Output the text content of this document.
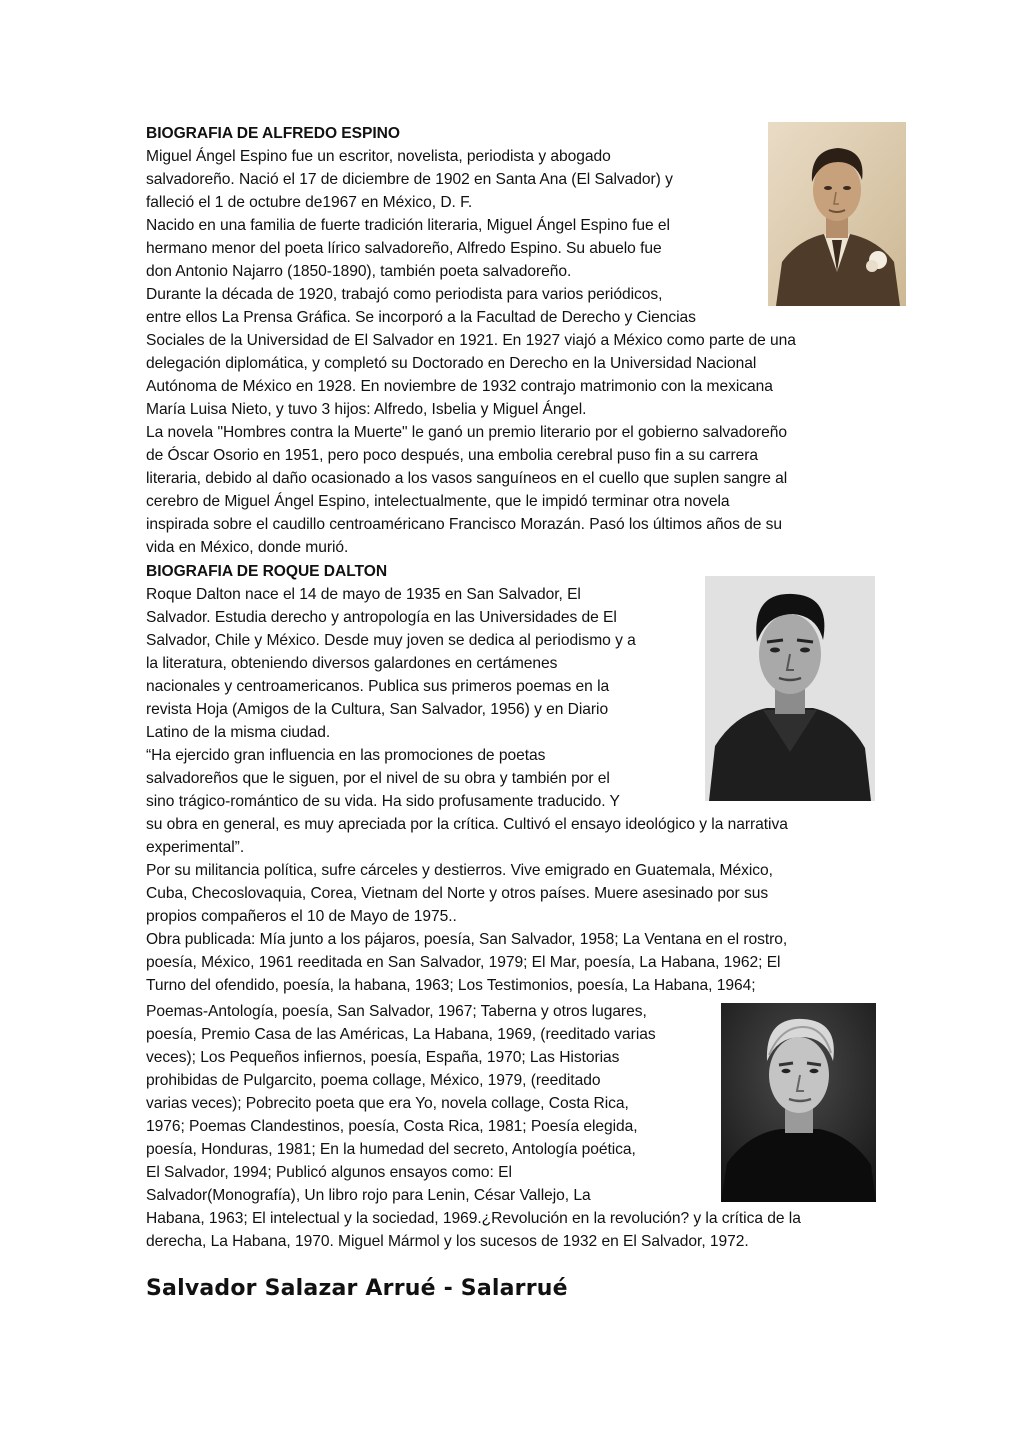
BIOGRAFIA DE ALFREDO ESPINO
Miguel Ángel Espino fue un escritor, novelista, periodista y abogado
salvadoreño. Nació el 17 de diciembre de 1902 en Santa Ana (El Salvador) y
falleció el 1 de octubre de1967 en México, D. F.
Nacido en una familia de fuerte tradición literaria, Miguel Ángel Espino fue el
hermano menor del poeta lírico salvadoreño, Alfredo Espino. Su abuelo fue
don Antonio Najarro (1850-1890), también poeta salvadoreño.
Durante la década de 1920, trabajó como periodista para varios periódicos,
entre ellos La Prensa Gráfica. Se incorporó a la Facultad de Derecho y Ciencias
Sociales de la Universidad de El Salvador en 1921. En 1927 viajó a México como parte de una
delegación diplomática, y completó su Doctorado en Derecho en la Universidad Nacional
Autónoma de México en 1928. En noviembre de 1932 contrajo matrimonio con la mexicana
María Luisa Nieto, y tuvo 3 hijos: Alfredo, Isbelia y Miguel Ángel.
La novela "Hombres contra la Muerte" le ganó un premio literario por el gobierno salvadoreño
de Óscar Osorio en 1951, pero poco después, una embolia cerebral puso fin a su carrera
literaria, debido al daño ocasionado a los vasos sanguíneos en el cuello que suplen sangre al
cerebro de Miguel Ángel Espino, intelectualmente, que le impidó terminar otra novela
inspirada sobre el caudillo centroaméricano Francisco Morazán. Pasó los últimos años de su
vida en México, donde murió.
BIOGRAFIA DE ROQUE DALTON
Roque Dalton nace el 14 de mayo de 1935 en San Salvador, El
Salvador. Estudia derecho y antropología en las Universidades de El
Salvador, Chile y México. Desde muy joven se dedica al periodismo y a
la literatura, obteniendo diversos galardones en certámenes
nacionales y centroamericanos. Publica sus primeros poemas en la
revista Hoja (Amigos de la Cultura, San Salvador, 1956) y en Diario
Latino de la misma ciudad.
“Ha ejercido gran influencia en las promociones de poetas
salvadoreños que le siguen, por el nivel de su obra y también por el
sino trágico-romántico de su vida. Ha sido profusamente traducido. Y
su obra en general, es muy apreciada por la crítica. Cultivó el ensayo ideológico y la narrativa
experimental”.
Por su militancia política, sufre cárceles y destierros. Vive emigrado en Guatemala, México,
Cuba, Checoslovaquia, Corea, Vietnam del Norte y otros países. Muere asesinado por sus
propios compañeros el 10 de Mayo de 1975..
Obra publicada: Mía junto a los pájaros, poesía, San Salvador, 1958; La Ventana en el rostro,
poesía, México, 1961 reeditada en San Salvador, 1979; El Mar, poesía, La Habana, 1962; El
Turno del ofendido, poesía, la habana, 1963; Los Testimonios, poesía, La Habana, 1964;
Poemas-Antología, poesía, San Salvador, 1967; Taberna y otros lugares,
poesía, Premio Casa de las Américas, La Habana, 1969, (reeditado varias
veces); Los Pequeños infiernos, poesía, España, 1970; Las Historias
prohibidas de Pulgarcito, poema collage, México, 1979, (reeditado
varias veces); Pobrecito poeta que era Yo, novela collage, Costa Rica,
1976; Poemas Clandestinos, poesía, Costa Rica, 1981; Poesía elegida,
poesía, Honduras, 1981; En la humedad del secreto, Antología poética,
El Salvador, 1994; Publicó algunos ensayos como: El
Salvador(Monografía), Un libro rojo para Lenin, César Vallejo, La
Habana, 1963; El intelectual y la sociedad, 1969.¿Revolución en la revolución? y la crítica de la
derecha, La Habana, 1970. Miguel Mármol y los sucesos de 1932 en El Salvador, 1972.
Salvador Salazar Arrué - Salarrué
